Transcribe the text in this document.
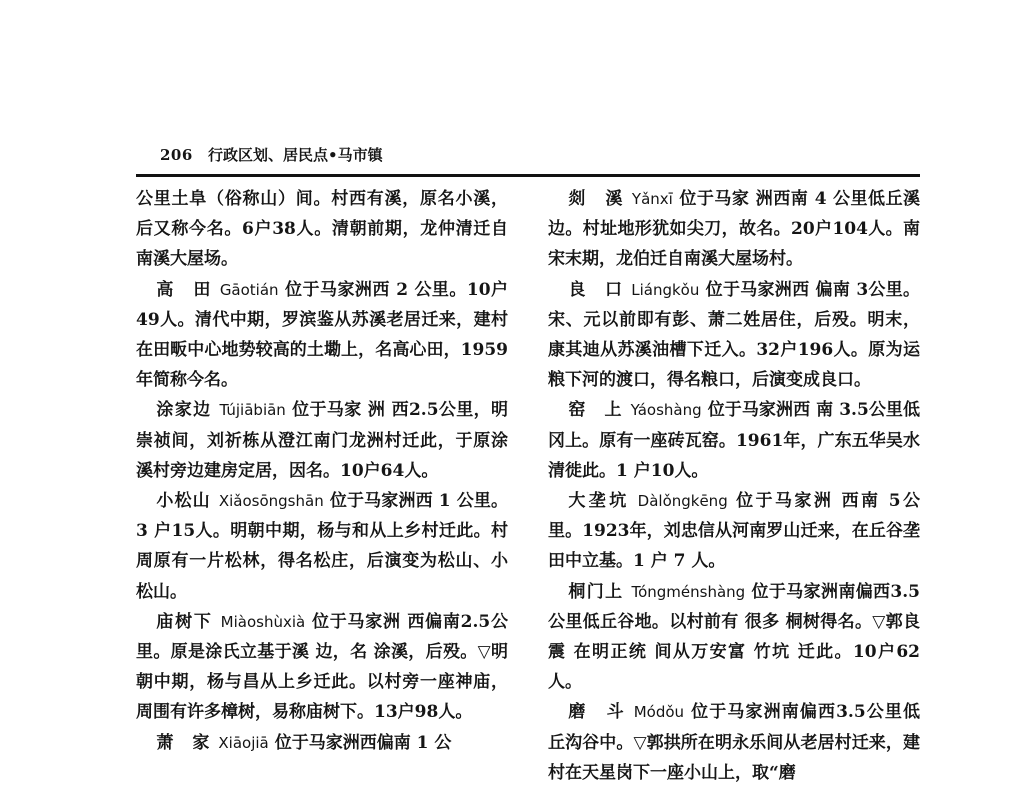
206 行政区划、居民点•马市镇

公里土阜（俗称山）间。村西有溪，原名小溪，后又称今名。6户38人。清朝前期，龙仲清迁自南溪大屋场。

高　田 Gāotián 位于马家洲西 2 公里。10户49人。清代中期，罗滨鉴从苏溪老居迁来，建村在田畈中心地势较高的土墈上，名高心田，1959年简称今名。

涂家边 Tújiābiān 位于马家 洲 西2.5公里，明崇祯间，刘祈栋从澄江南门龙洲村迁此，于原涂溪村旁边建房定居，因名。10户64人。

小松山 Xiǎosōngshān 位于马家洲西 1 公里。3 户15人。明朝中期，杨与和从上乡村迁此。村周原有一片松林，得名松庄，后演变为松山、小松山。

庙树下 Miàoshùxià 位于马家洲 西偏南2.5公里。原是涂氏立基于溪 边，名 涂溪，后殁。▽明朝中期，杨与昌从上乡迁此。以村旁一座神庙，周围有许多樟树，易称庙树下。13户98人。

萧　家 Xiāojiā 位于马家洲西偏南 1 公

剡　溪 Yǎnxī 位于马家 洲西南 4 公里低丘溪边。村址地形犹如尖刀，故名。20户104人。南宋末期，龙伯迁自南溪大屋场村。

良　口 Liángkǒu 位于马家洲西 偏南 3公里。宋、元以前即有彭、萧二姓居住，后殁。明末，康其迪从苏溪油槽下迁入。32户196人。原为运粮下河的渡口，得名粮口，后演变成良口。

窑　上 Yáoshàng 位于马家洲西 南 3.5公里低冈上。原有一座砖瓦窑。1961年，广东五华吴水清徙此。1 户10人。

大垄坑 Dàlǒngkēng 位于马家洲 西南 5公里。1923年，刘忠信从河南罗山迁来，在丘谷垄田中立基。1 户 7 人。

桐门上 Tóngménshàng 位于马家洲南偏西3.5公里低丘谷地。以村前有 很多 桐树得名。▽郭良震 在明正统 间从万安富 竹坑 迁此。10户62人。

磨　斗 Módǒu 位于马家洲南偏西3.5公里低丘沟谷中。▽郭拱所在明永乐间从老居村迁来，建村在天星岗下一座小山上，取“磨
